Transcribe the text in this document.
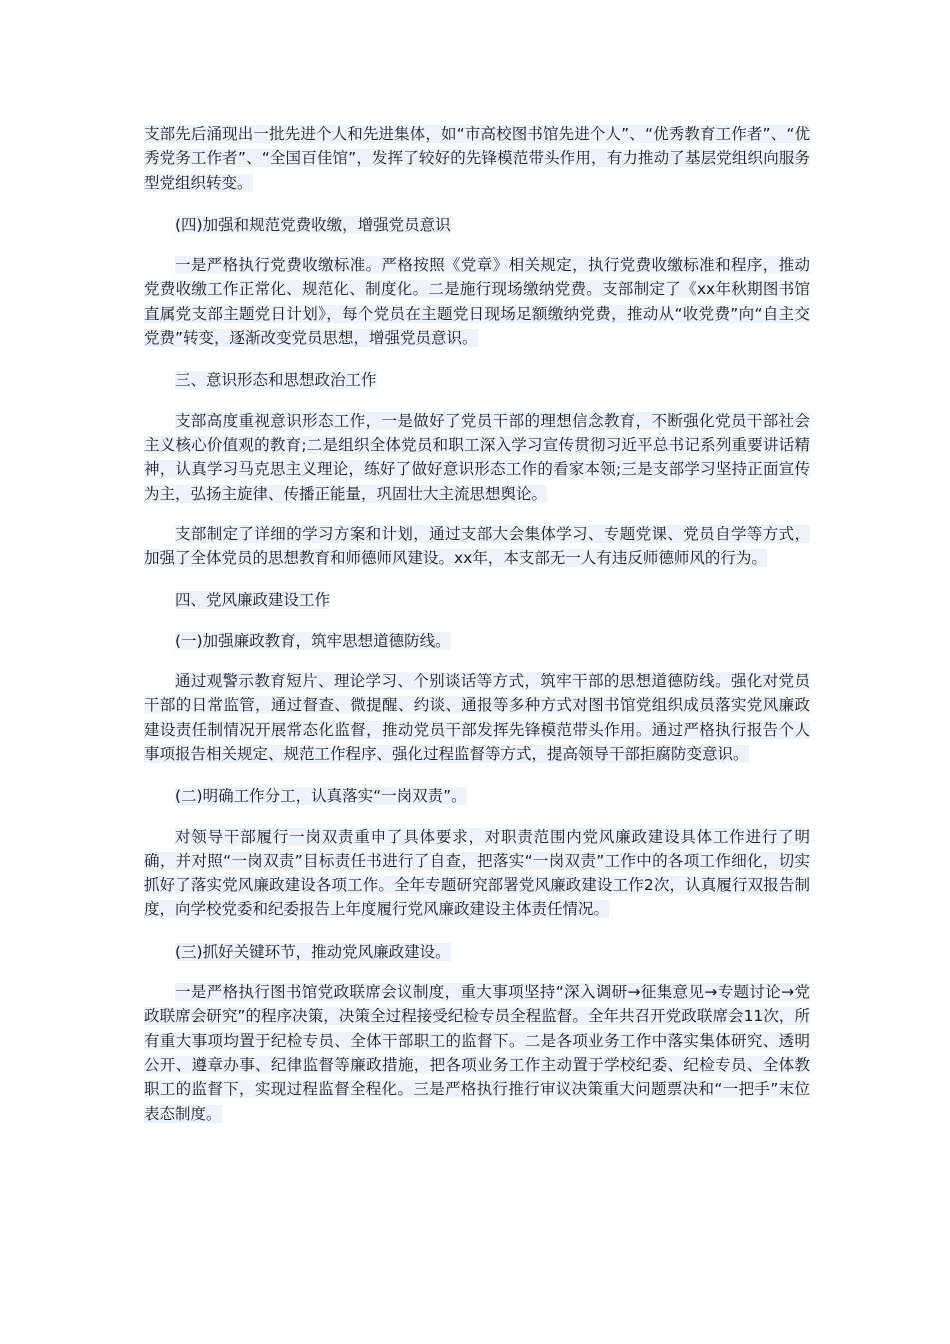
支部先后涌现出一批先进个人和先进集体，如“市高校图书馆先进个人”、“优秀教育工作者”、“优秀党务工作者”、“全国百佳馆”，发挥了较好的先锋模范带头作用，有力推动了基层党组织向服务型党组织转变。

(四)加强和规范党费收缴，增强党员意识

一是严格执行党费收缴标准。严格按照《党章》相关规定，执行党费收缴标准和程序，推动党费收缴工作正常化、规范化、制度化。二是施行现场缴纳党费。支部制定了《xx年秋期图书馆直属党支部主题党日计划》，每个党员在主题党日现场足额缴纳党费，推动从“收党费”向“自主交党费”转变，逐渐改变党员思想，增强党员意识。

三、意识形态和思想政治工作

支部高度重视意识形态工作，一是做好了党员干部的理想信念教育，不断强化党员干部社会主义核心价值观的教育;二是组织全体党员和职工深入学习宣传贯彻习近平总书记系列重要讲话精神，认真学习马克思主义理论，练好了做好意识形态工作的看家本领;三是支部学习坚持正面宣传为主，弘扬主旋律、传播正能量，巩固壮大主流思想舆论。

支部制定了详细的学习方案和计划，通过支部大会集体学习、专题党课、党员自学等方式，加强了全体党员的思想教育和师德师风建设。xx年，本支部无一人有违反师德师风的行为。

四、党风廉政建设工作

(一)加强廉政教育，筑牢思想道德防线。

通过观警示教育短片、理论学习、个别谈话等方式，筑牢干部的思想道德防线。强化对党员干部的日常监管，通过督查、微提醒、约谈、通报等多种方式对图书馆党组织成员落实党风廉政建设责任制情况开展常态化监督，推动党员干部发挥先锋模范带头作用。通过严格执行报告个人事项报告相关规定、规范工作程序、强化过程监督等方式，提高领导干部拒腐防变意识。

(二)明确工作分工，认真落实“一岗双责”。

对领导干部履行一岗双责重申了具体要求，对职责范围内党风廉政建设具体工作进行了明确，并对照“一岗双责”目标责任书进行了自查，把落实“一岗双责”工作中的各项工作细化，切实抓好了落实党风廉政建设各项工作。全年专题研究部署党风廉政建设工作2次，认真履行双报告制度，向学校党委和纪委报告上年度履行党风廉政建设主体责任情况。

(三)抓好关键环节，推动党风廉政建设。

一是严格执行图书馆党政联席会议制度，重大事项坚持“深入调研→征集意见→专题讨论→党政联席会研究”的程序决策，决策全过程接受纪检专员全程监督。全年共召开党政联席会11次，所有重大事项均置于纪检专员、全体干部职工的监督下。二是各项业务工作中落实集体研究、透明公开、遵章办事、纪律监督等廉政措施，把各项业务工作主动置于学校纪委、纪检专员、全体教职工的监督下，实现过程监督全程化。三是严格执行推行审议决策重大问题票决和“一把手”末位表态制度。
